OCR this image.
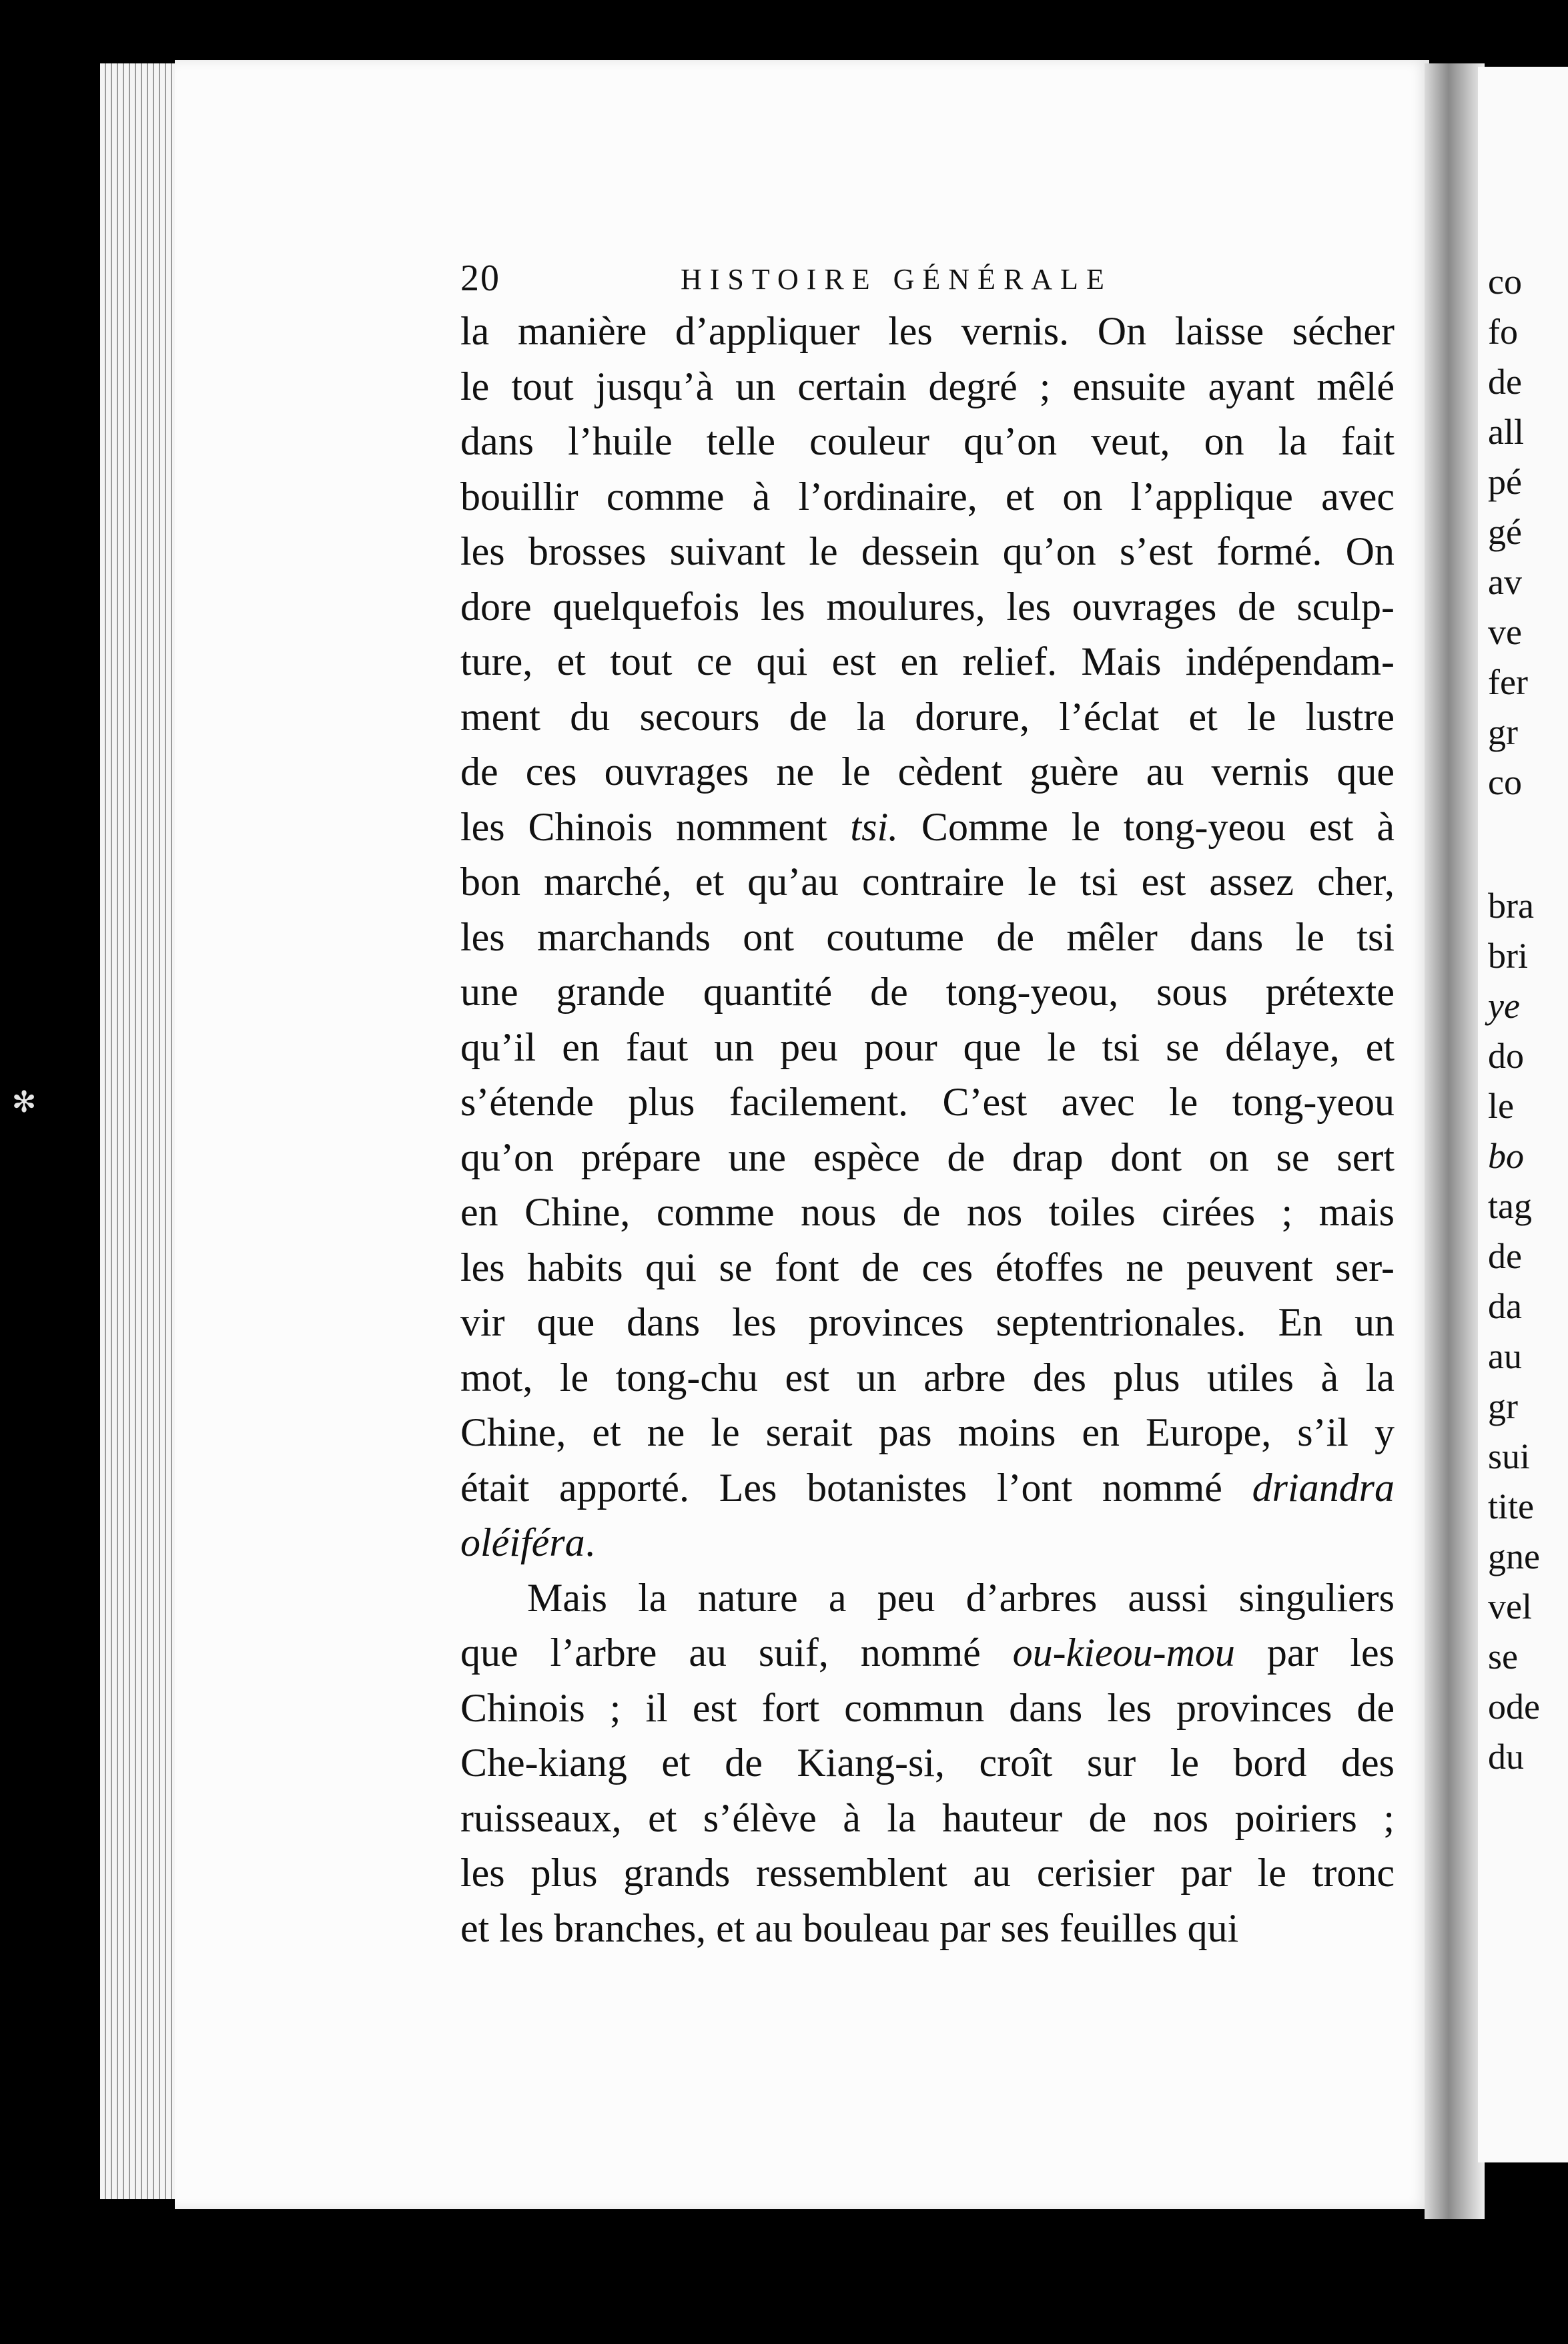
co
fo
de
all
pé
gé
av
ve
fer
gr
co
bra
bri
ye
do
le
bo
tag
de
da
au
gr
sui
tite
gne
vel
se
ode
du
✻
20	HISTOIRE GÉNÉRALE
la manière d’appliquer les vernis. On laisse sécher
le tout jusqu’à un certain degré ; ensuite ayant mêlé
dans l’huile telle couleur qu’on veut, on la fait
bouillir comme à l’ordinaire, et on l’applique avec
les brosses suivant le dessein qu’on s’est formé. On
dore quelquefois les moulures, les ouvrages de sculp-
ture, et tout ce qui est en relief. Mais indépendam-
ment du secours de la dorure, l’éclat et le lustre
de ces ouvrages ne le cèdent guère au vernis que
les Chinois nomment tsi. Comme le tong-yeou est à
bon marché, et qu’au contraire le tsi est assez cher,
les marchands ont coutume de mêler dans le tsi
une grande quantité de tong-yeou, sous prétexte
qu’il en faut un peu pour que le tsi se délaye, et
s’étende plus facilement. C’est avec le tong-yeou
qu’on prépare une espèce de drap dont on se sert
en Chine, comme nous de nos toiles cirées ; mais
les habits qui se font de ces étoffes ne peuvent ser-
vir que dans les provinces septentrionales. En un
mot, le tong-chu est un arbre des plus utiles à la
Chine, et ne le serait pas moins en Europe, s’il y
était apporté. Les botanistes l’ont nommé driandra
oléiféra.
Mais la nature a peu d’arbres aussi singuliers
que l’arbre au suif, nommé ou-kieou-mou par les
Chinois ; il est fort commun dans les provinces de
Che-kiang et de Kiang-si, croît sur le bord des
ruisseaux, et s’élève à la hauteur de nos poiriers ;
les plus grands ressemblent au cerisier par le tronc
et les branches, et au bouleau par ses feuilles qui
